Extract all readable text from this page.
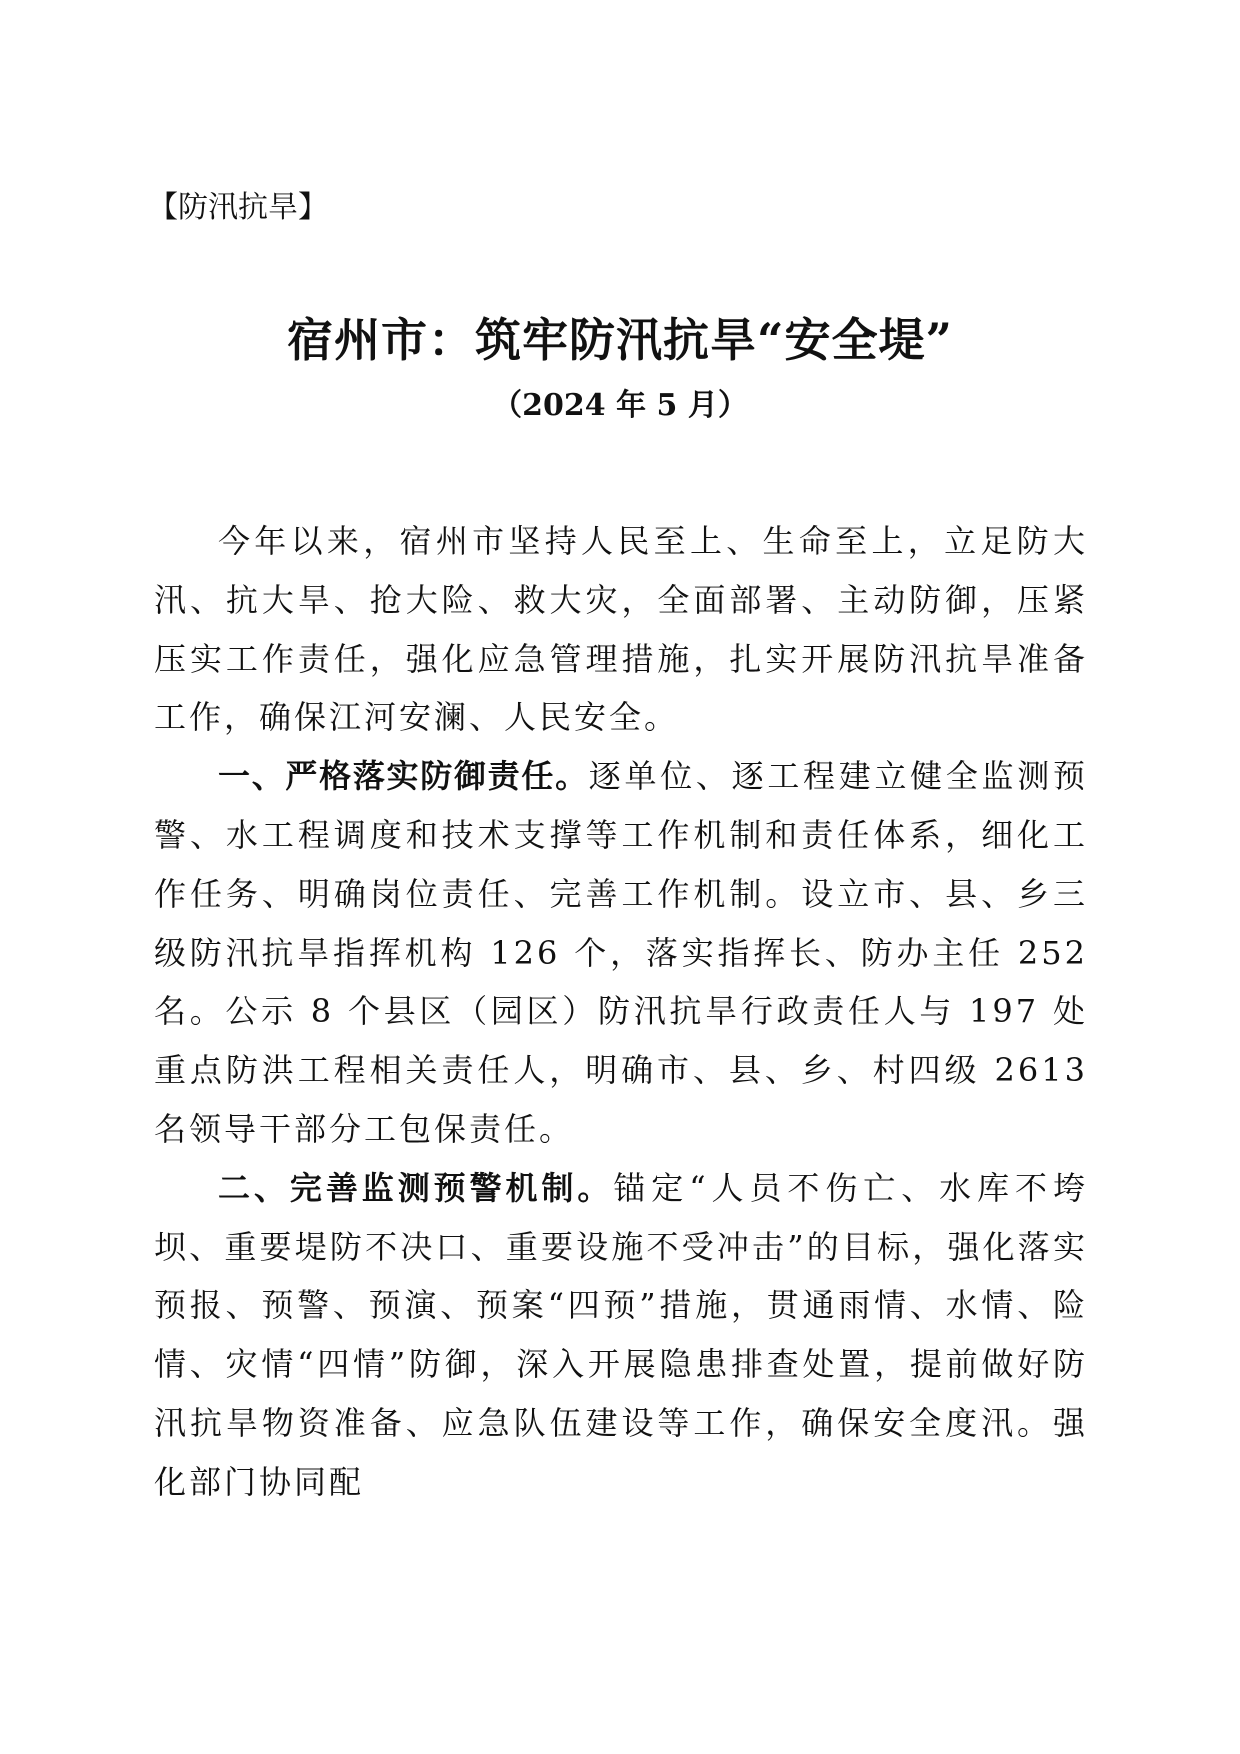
【防汛抗旱】
宿州市：筑牢防汛抗旱“安全堤”
（2024 年 5 月）

今年以来，宿州市坚持人民至上、生命至上，立足防大汛、抗大旱、抢大险、救大灾，全面部署、主动防御，压紧压实工作责任，强化应急管理措施，扎实开展防汛抗旱准备工作，确保江河安澜、人民安全。

一、严格落实防御责任。逐单位、逐工程建立健全监测预警、水工程调度和技术支撑等工作机制和责任体系，细化工作任务、明确岗位责任、完善工作机制。设立市、县、乡三级防汛抗旱指挥机构 126 个，落实指挥长、防办主任 252 名。公示 8 个县区（园区）防汛抗旱行政责任人与 197 处重点防洪工程相关责任人，明确市、县、乡、村四级 2613 名领导干部分工包保责任。

二、完善监测预警机制。锚定“人员不伤亡、水库不垮坝、重要堤防不决口、重要设施不受冲击”的目标，强化落实预报、预警、预演、预案“四预”措施，贯通雨情、水情、险情、灾情“四情”防御，深入开展隐患排查处置，提前做好防汛抗旱物资准备、应急队伍建设等工作，确保安全度汛。强化部门协同配
